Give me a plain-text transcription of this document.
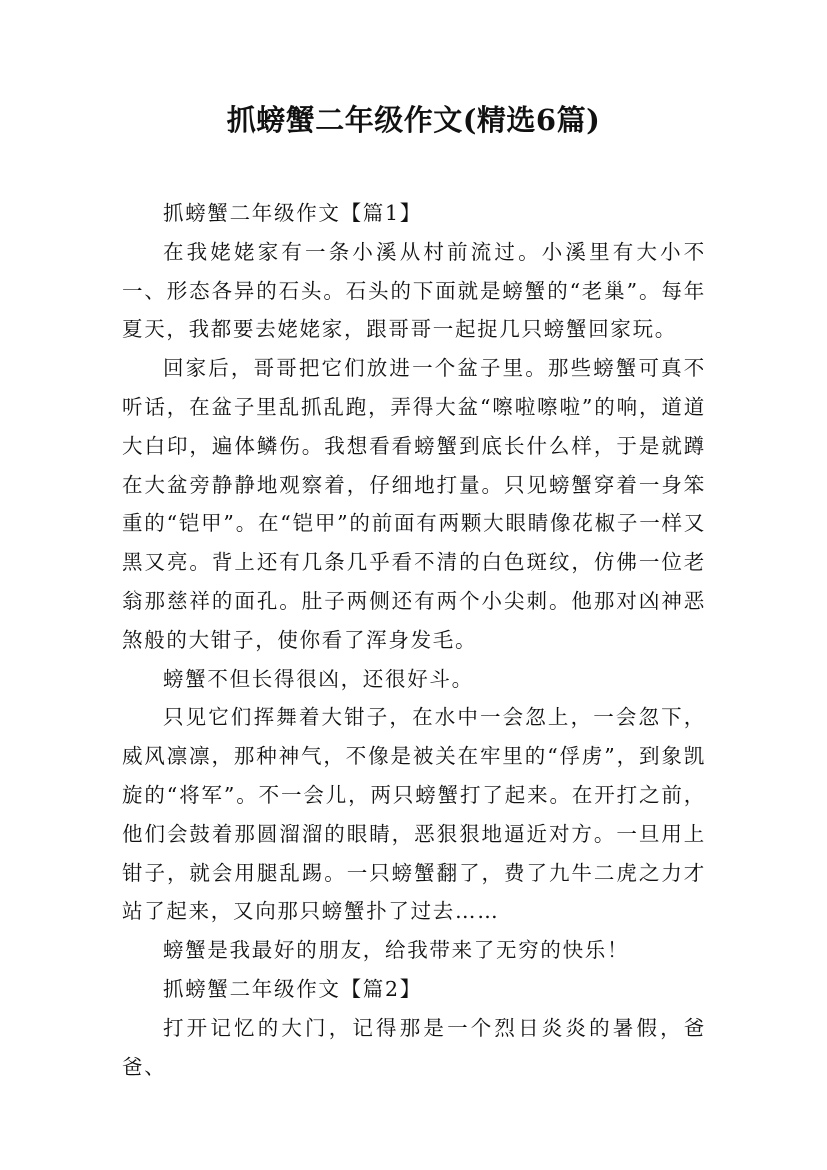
抓螃蟹二年级作文(精选6篇)

抓螃蟹二年级作文【篇1】

在我姥姥家有一条小溪从村前流过。小溪里有大小不一、形态各异的石头。石头的下面就是螃蟹的“老巢”。每年夏天，我都要去姥姥家，跟哥哥一起捉几只螃蟹回家玩。

回家后，哥哥把它们放进一个盆子里。那些螃蟹可真不听话，在盆子里乱抓乱跑，弄得大盆“嚓啦嚓啦”的响，道道大白印，遍体鳞伤。我想看看螃蟹到底长什么样，于是就蹲在大盆旁静静地观察着，仔细地打量。只见螃蟹穿着一身笨重的“铠甲”。在“铠甲”的前面有两颗大眼睛像花椒子一样又黑又亮。背上还有几条几乎看不清的白色斑纹，仿佛一位老翁那慈祥的面孔。肚子两侧还有两个小尖刺。他那对凶神恶煞般的大钳子，使你看了浑身发毛。

螃蟹不但长得很凶，还很好斗。

只见它们挥舞着大钳子，在水中一会忽上，一会忽下，威风凛凛，那种神气，不像是被关在牢里的“俘虏”，到象凯旋的“将军”。不一会儿，两只螃蟹打了起来。在开打之前，他们会鼓着那圆溜溜的眼睛，恶狠狠地逼近对方。一旦用上钳子，就会用腿乱踢。一只螃蟹翻了，费了九牛二虎之力才站了起来，又向那只螃蟹扑了过去……

螃蟹是我最好的朋友，给我带来了无穷的快乐！

抓螃蟹二年级作文【篇2】

打开记忆的大门，记得那是一个烈日炎炎的暑假，爸爸、
